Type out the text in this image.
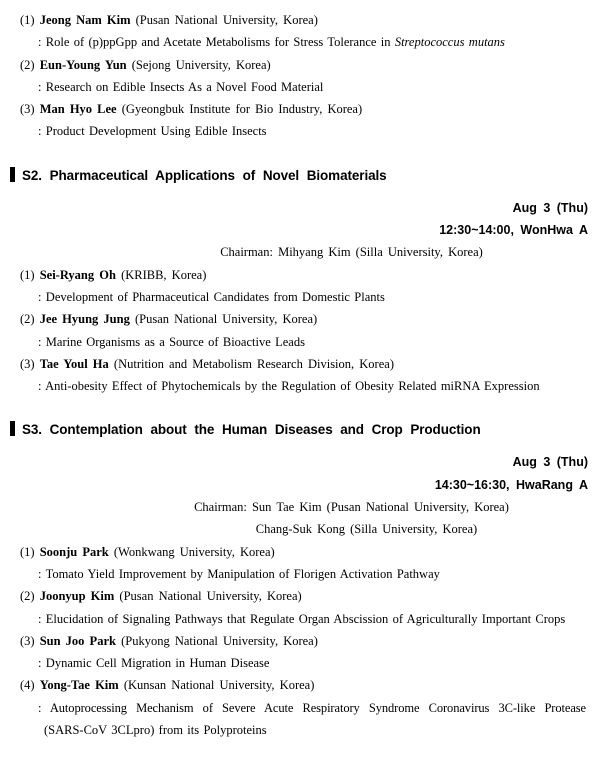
(1) Jeong Nam Kim (Pusan National University, Korea)
: Role of (p)ppGpp and Acetate Metabolisms for Stress Tolerance in Streptococcus mutans
(2) Eun-Young Yun (Sejong University, Korea)
: Research on Edible Insects As a Novel Food Material
(3) Man Hyo Lee (Gyeongbuk Institute for Bio Industry, Korea)
: Product Development Using Edible Insects
S2. Pharmaceutical Applications of Novel Biomaterials
Aug 3 (Thu)
12:30~14:00, WonHwa A
Chairman: Mihyang Kim (Silla University, Korea)
(1) Sei-Ryang Oh (KRIBB, Korea)
: Development of Pharmaceutical Candidates from Domestic Plants
(2) Jee Hyung Jung (Pusan National University, Korea)
: Marine Organisms as a Source of Bioactive Leads
(3) Tae Youl Ha (Nutrition and Metabolism Research Division, Korea)
: Anti-obesity Effect of Phytochemicals by the Regulation of Obesity Related miRNA Expression
S3. Contemplation about the Human Diseases and Crop Production
Aug 3 (Thu)
14:30~16:30, HwaRang A
Chairman: Sun Tae Kim (Pusan National University, Korea)
Chang-Suk Kong (Silla University, Korea)
(1) Soonju Park (Wonkwang University, Korea)
: Tomato Yield Improvement by Manipulation of Florigen Activation Pathway
(2) Joonyup Kim (Pusan National University, Korea)
: Elucidation of Signaling Pathways that Regulate Organ Abscission of Agriculturally Important Crops
(3) Sun Joo Park (Pukyong National University, Korea)
: Dynamic Cell Migration in Human Disease
(4) Yong-Tae Kim (Kunsan National University, Korea)
: Autoprocessing Mechanism of Severe Acute Respiratory Syndrome Coronavirus 3C-like Protease
(SARS-CoV 3CLpro) from its Polyproteins
